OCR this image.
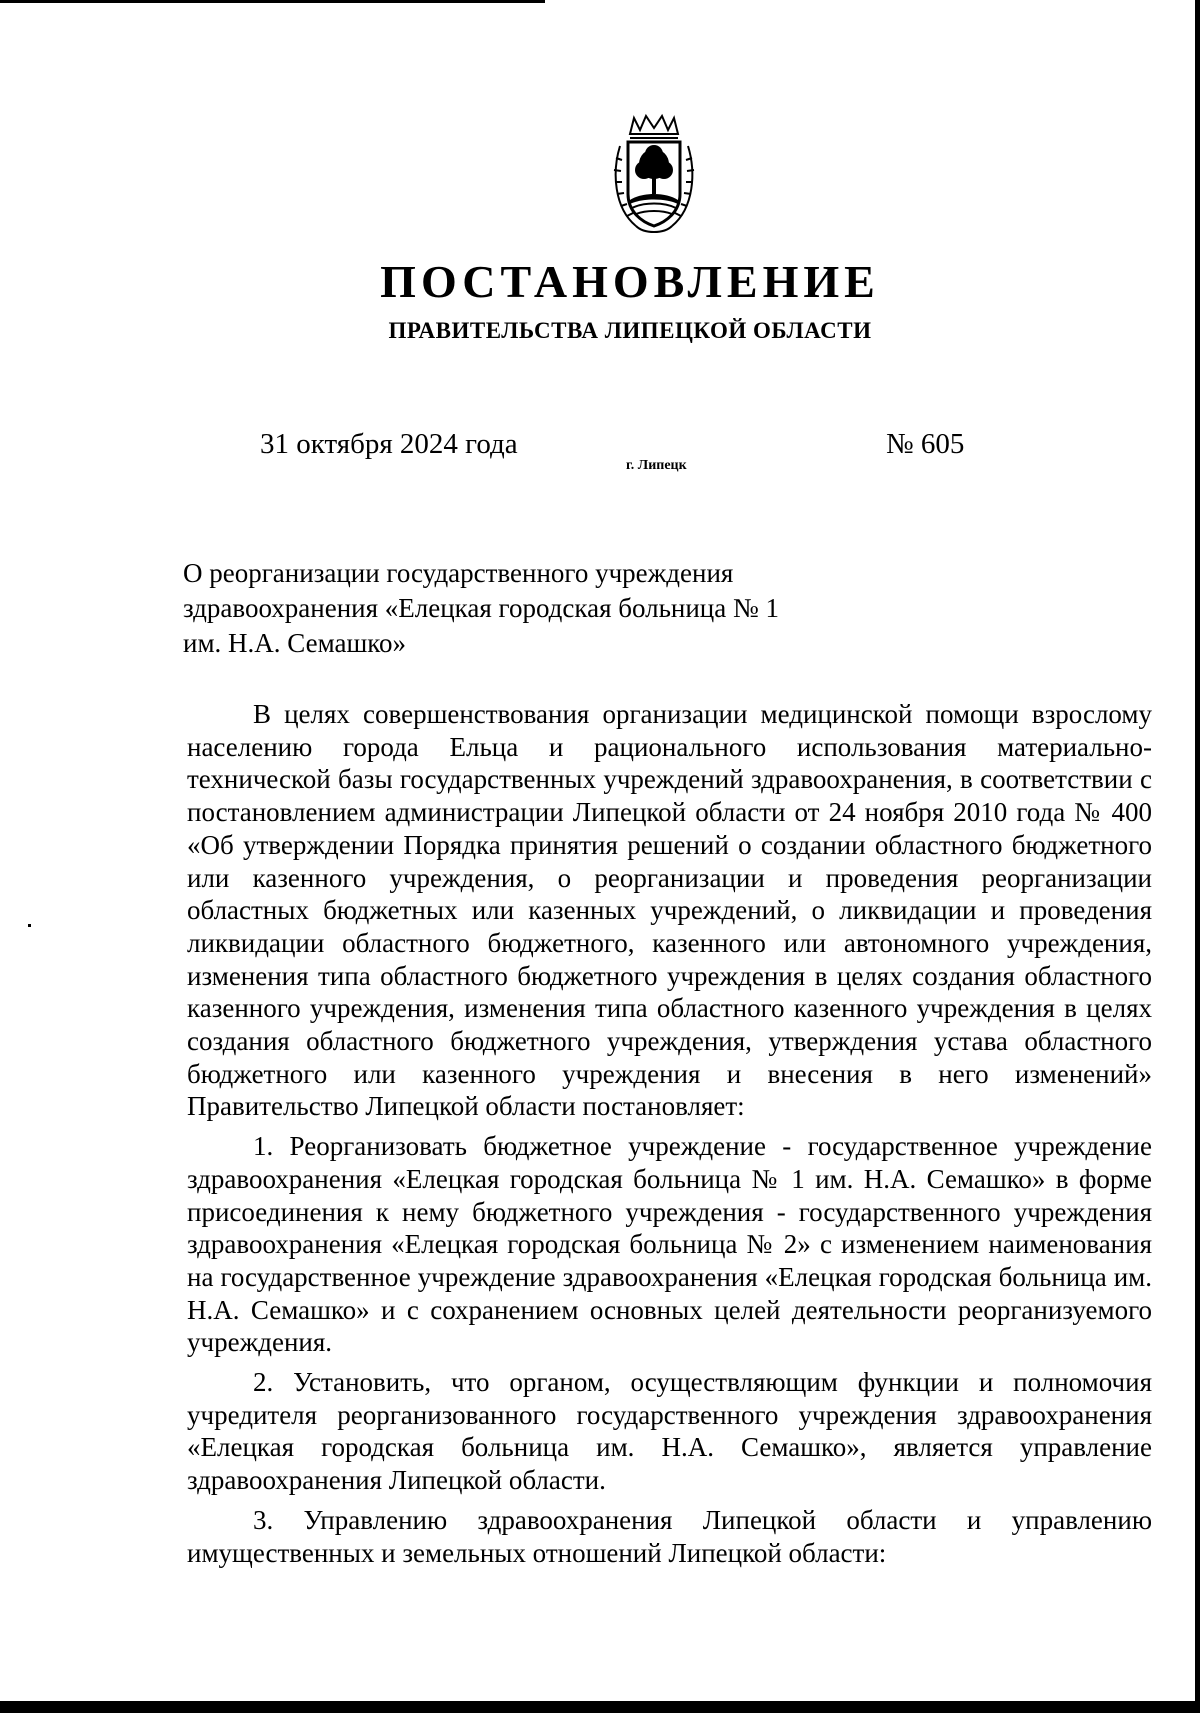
ПОСТАНОВЛЕНИЕ
ПРАВИТЕЛЬСТВА ЛИПЕЦКОЙ ОБЛАСТИ
31 октября 2024 года
г. Липецк
№ 605
О реорганизации государственного учреждения
здравоохранения «Елецкая городская больница № 1
им. Н.А. Семашко»

В целях совершенствования организации медицинской помощи взрослому населению города Ельца и рационального использования материально-технической базы государственных учреждений здравоохранения, в соответствии с постановлением администрации Липецкой области от 24 ноября 2010 года № 400 «Об утверждении Порядка принятия решений о создании областного бюджетного или казенного учреждения, о реорганизации и проведения реорганизации областных бюджетных или казенных учреждений, о ликвидации и проведения ликвидации областного бюджетного, казенного или автономного учреждения, изменения типа областного бюджетного учреждения в целях создания областного казенного учреждения, изменения типа областного казенного учреждения в целях создания областного бюджетного учреждения, утверждения устава областного бюджетного или казенного учреждения и внесения в него изменений» Правительство Липецкой области постановляет:

1. Реорганизовать бюджетное учреждение - государственное учреждение здравоохранения «Елецкая городская больница № 1 им. Н.А. Семашко» в форме присоединения к нему бюджетного учреждения - государственного учреждения здравоохранения «Елецкая городская больница № 2» с изменением наименования на государственное учреждение здравоохранения «Елецкая городская больница им. Н.А. Семашко» и с сохранением основных целей деятельности реорганизуемого учреждения.

2. Установить, что органом, осуществляющим функции и полномочия учредителя реорганизованного государственного учреждения здравоохранения «Елецкая городская больница им. Н.А. Семашко», является управление здравоохранения Липецкой области.

3. Управлению здравоохранения Липецкой области и управлению имущественных и земельных отношений Липецкой области:
